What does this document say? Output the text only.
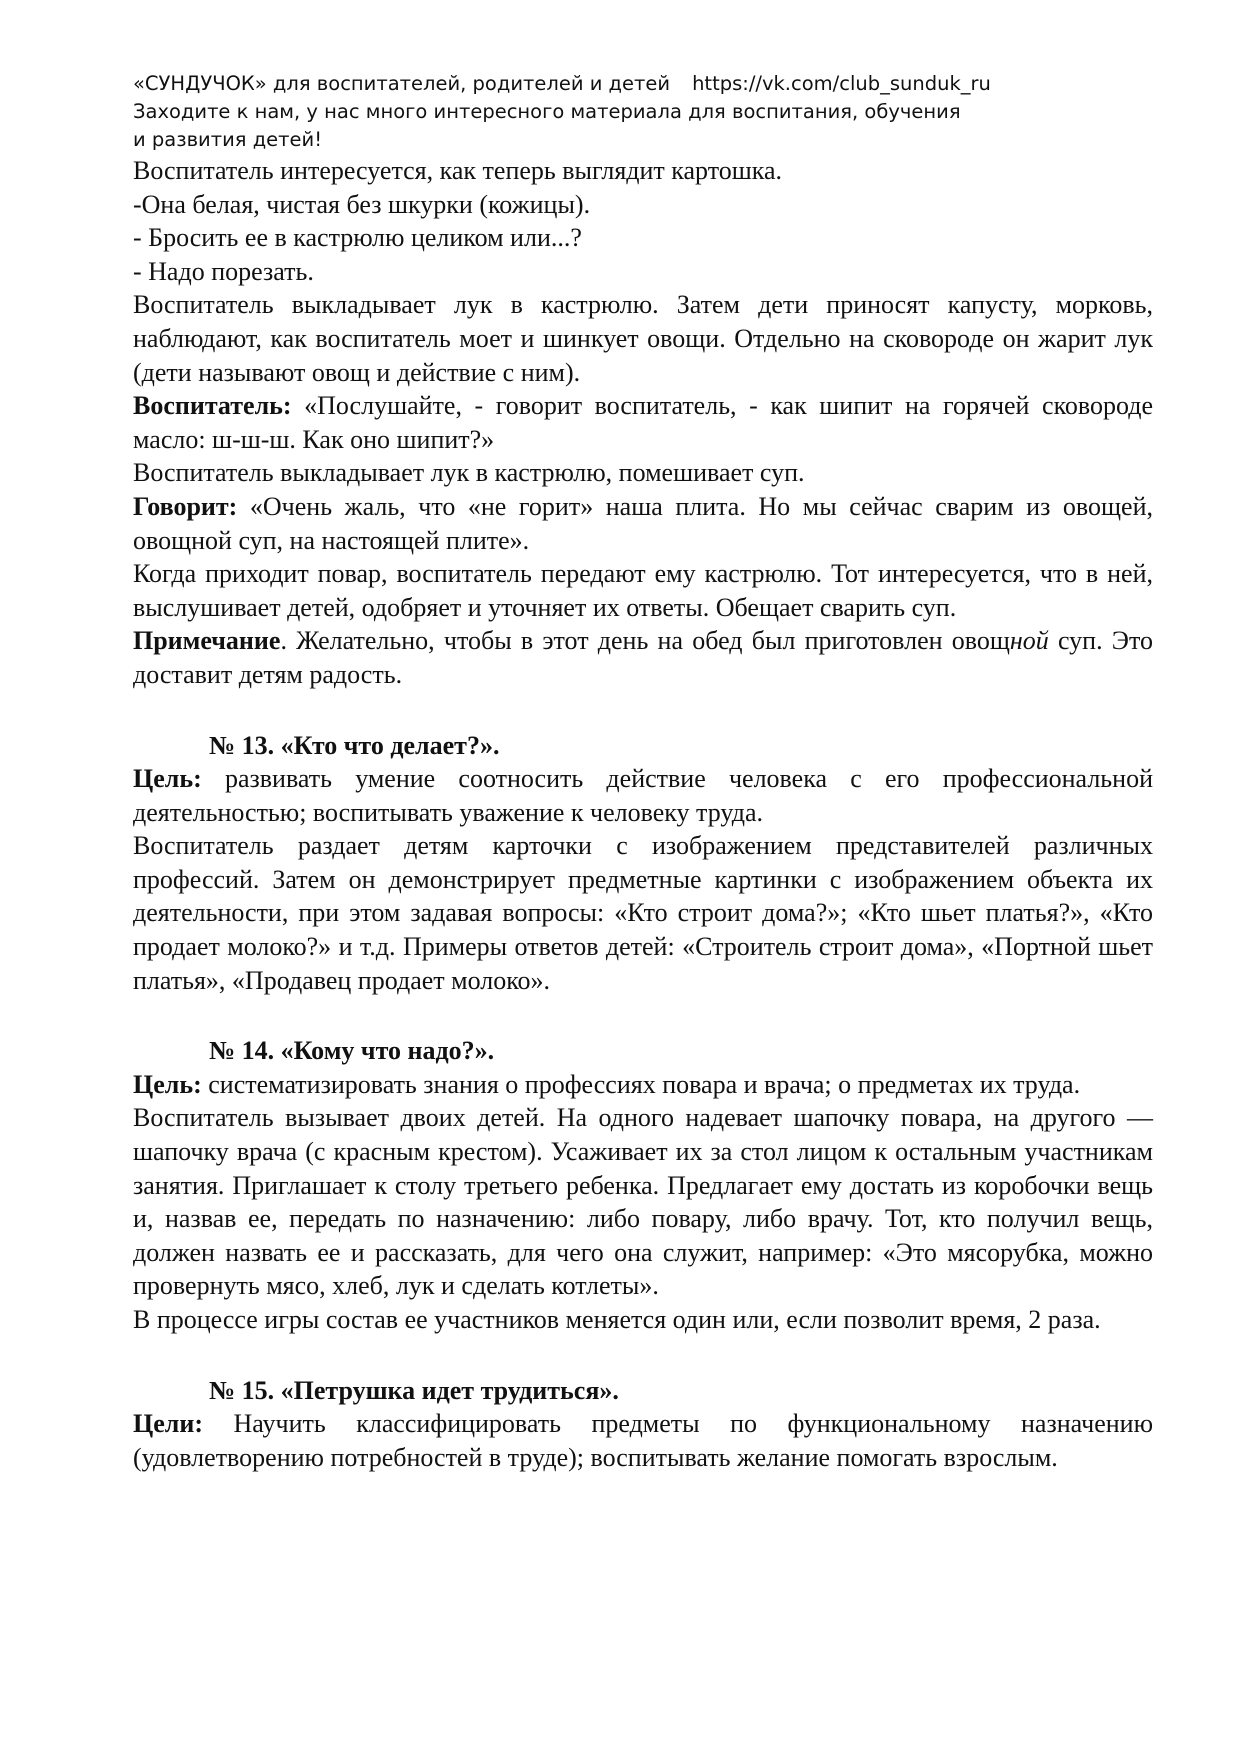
«СУНДУЧОК» для воспитателей, родителей и детей https://vk.com/club_sunduk_ru

Заходите к нам, у нас много интересного материала для воспитания, обучения

и развития детей!

Воспитатель интересуется, как теперь выглядит картошка.

-Она белая, чистая без шкурки (кожицы).

- Бросить ее в кастрюлю целиком или...?

- Надо порезать.

Воспитатель выкладывает лук в кастрюлю. Затем дети приносят капусту, морковь, наблюдают, как воспитатель моет и шинкует овощи. Отдельно на сковороде он жарит лук (дети называют овощ и действие с ним).

Воспитатель: «Послушайте, - говорит воспитатель, - как шипит на горячей сковороде масло: ш-ш-ш. Как оно шипит?»

Воспитатель выкладывает лук в кастрюлю, помешивает суп.

Говорит: «Очень жаль, что «не горит» наша плита. Но мы сейчас сварим из овощей, овощной суп, на настоящей плите».

Когда приходит повар, воспитатель передают ему кастрюлю. Тот интересуется, что в ней, выслушивает детей, одобряет и уточняет их ответы. Обещает сварить суп.

Примечание. Желательно, чтобы в этот день на обед был приготовлен овощной суп. Это доставит детям радость.

№ 13. «Кто что делает?».

Цель: развивать умение соотносить действие человека с его профессиональной деятельностью; воспитывать уважение к человеку труда.

Воспитатель раздает детям карточки с изображением представителей различных профессий. Затем он демонстрирует предметные картинки с изображением объекта их деятельности, при этом задавая вопросы: «Кто строит дома?»; «Кто шьет платья?», «Кто продает молоко?» и т.д. Примеры ответов детей: «Строитель строит дома», «Портной шьет платья», «Продавец продает молоко».

№ 14. «Кому что надо?».

Цель: систематизировать знания о профессиях повара и врача; о предметах их труда.

Воспитатель вызывает двоих детей. На одного надевает шапочку повара, на другого — шапочку врача (с красным крестом). Усаживает их за стол лицом к остальным участникам занятия. Приглашает к столу третьего ребенка. Предлагает ему достать из коробочки вещь и, назвав ее, передать по назначению: либо повару, либо врачу. Тот, кто получил вещь, должен назвать ее и рассказать, для чего она служит, например: «Это мясорубка, можно провернуть мясо, хлеб, лук и сделать котлеты».

В процессе игры состав ее участников меняется один или, если позволит время, 2 раза.

№ 15. «Петрушка идет трудиться».

Цели: Научить классифицировать предметы по функциональному назначению (удовлетворению потребностей в труде); воспитывать желание помогать взрослым.
